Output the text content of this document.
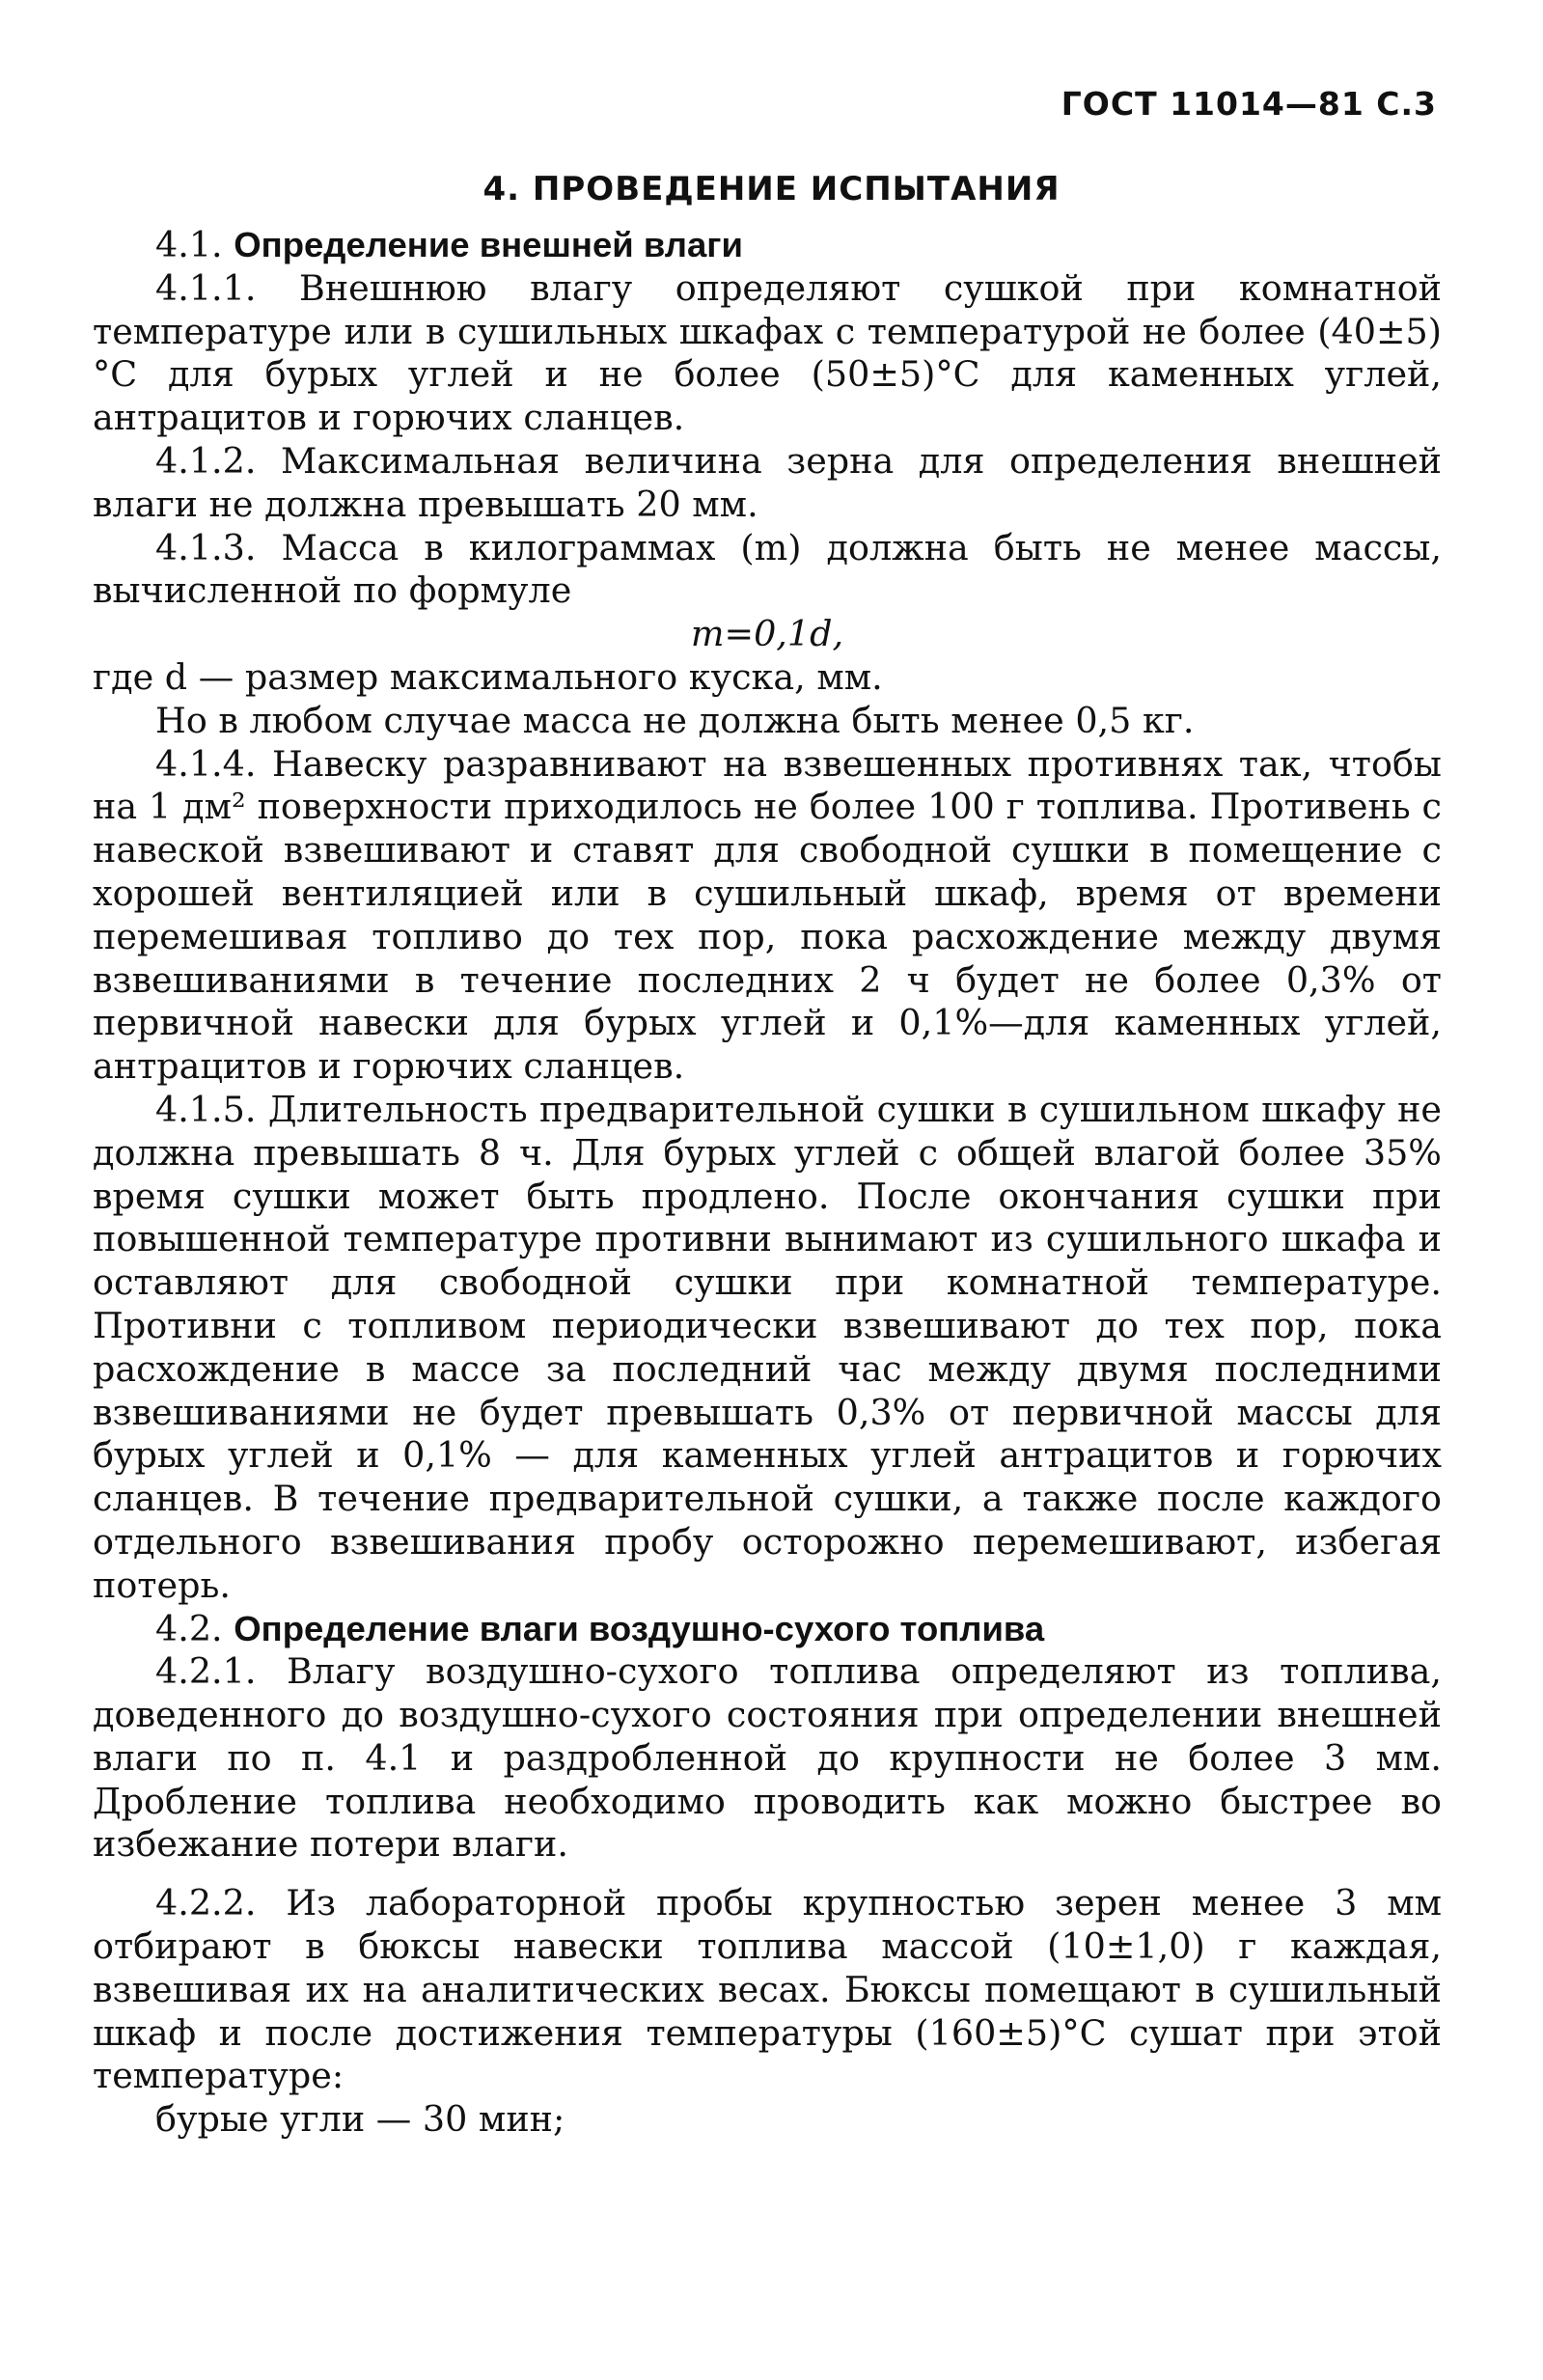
ГОСТ 11014—81 С.3
4. ПРОВЕДЕНИЕ ИСПЫТАНИЯ

4.1. Определение внешней влаги

4.1.1. Внешнюю влагу определяют сушкой при комнатной температуре или в сушильных шкафах с температурой не более (40±5)°С для бурых углей и не более (50±5)°С для каменных углей, антрацитов и горючих сланцев.

4.1.2. Максимальная величина зерна для определения внешней влаги не должна превышать 20 мм.

4.1.3. Масса в килограммах (m) должна быть не менее массы, вычисленной по формуле

m=0,1d,

где d — размер максимального куска, мм.

Но в любом случае масса не должна быть менее 0,5 кг.

4.1.4. Навеску разравнивают на взвешенных противнях так, чтобы на 1 дм² поверхности приходилось не более 100 г топлива. Противень с навеской взвешивают и ставят для свободной сушки в помещение с хорошей вентиляцией или в сушильный шкаф, время от времени перемешивая топливо до тех пор, пока расхождение между двумя взвешиваниями в течение последних 2 ч будет не более 0,3% от первичной навески для бурых углей и 0,1%—для каменных углей, антрацитов и горючих сланцев.

4.1.5. Длительность предварительной сушки в сушильном шкафу не должна превышать 8 ч. Для бурых углей с общей влагой более 35% время сушки может быть продлено. После окончания сушки при повышенной температуре противни вынимают из сушильного шкафа и оставляют для свободной сушки при комнатной температуре. Противни с топливом периодически взвешивают до тех пор, пока расхождение в массе за последний час между двумя последними взвешиваниями не будет превышать 0,3% от первичной массы для бурых углей и 0,1% — для каменных углей антрацитов и горючих сланцев. В течение предварительной сушки, а также после каждого отдельного взвешивания пробу осторожно перемешивают, избегая потерь.

4.2. Определение влаги воздушно-сухого топлива

4.2.1. Влагу воздушно-сухого топлива определяют из топлива, доведенного до воздушно-сухого состояния при определении внешней влаги по п. 4.1 и раздробленной до крупности не более 3 мм. Дробление топлива необходимо проводить как можно быстрее во избежание потери влаги.

4.2.2. Из лабораторной пробы крупностью зерен менее 3 мм отбирают в бюксы навески топлива массой (10±1,0) г каждая, взвешивая их на аналитических весах. Бюксы помещают в сушильный шкаф и после достижения температуры (160±5)°С сушат при этой температуре:

бурые угли — 30 мин;
